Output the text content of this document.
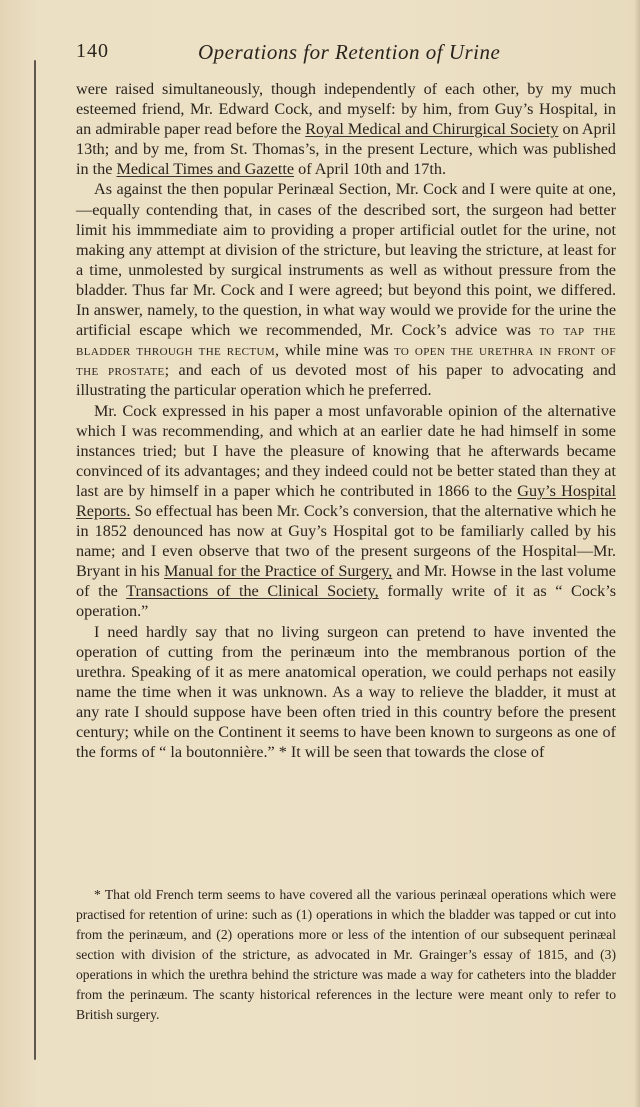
140	Operations for Retention of Urine

were raised simultaneously, though independently of each other, by my much esteemed friend, Mr. Edward Cock, and myself: by him, from Guy’s Hospital, in an admirable paper read before the Royal Medical and Chirurgical Society on April 13th; and by me, from St. Thomas’s, in the present Lecture, which was published in the Medical Times and Gazette of April 10th and 17th.

As against the then popular Perinæal Section, Mr. Cock and I were quite at one,—equally contending that, in cases of the described sort, the surgeon had better limit his immmediate aim to providing a proper artificial outlet for the urine, not making any attempt at division of the stricture, but leaving the stricture, at least for a time, unmolested by surgical instruments as well as without pressure from the bladder. Thus far Mr. Cock and I were agreed; but beyond this point, we differed. In answer, namely, to the question, in what way would we provide for the urine the artificial escape which we recommended, Mr. Cock’s advice was to tap the bladder through the rectum, while mine was to open the urethra in front of the prostate; and each of us devoted most of his paper to advocating and illustrating the particular operation which he preferred.

Mr. Cock expressed in his paper a most unfavorable opinion of the alternative which I was recommending, and which at an earlier date he had himself in some instances tried; but I have the pleasure of knowing that he afterwards became convinced of its advantages; and they indeed could not be better stated than they at last are by himself in a paper which he contributed in 1866 to the Guy’s Hospital Reports. So effectual has been Mr. Cock’s conversion, that the alternative which he in 1852 denounced has now at Guy’s Hospital got to be familiarly called by his name; and I even observe that two of the present surgeons of the Hospital—Mr. Bryant in his Manual for the Practice of Surgery, and Mr. Howse in the last volume of the Transactions of the Clinical Society, formally write of it as “ Cock’s operation.”

I need hardly say that no living surgeon can pretend to have invented the operation of cutting from the perinæum into the membranous portion of the urethra. Speaking of it as mere anatomical operation, we could perhaps not easily name the time when it was unknown. As a way to relieve the bladder, it must at any rate I should suppose have been often tried in this country before the present century; while on the Continent it seems to have been known to surgeons as one of the forms of “ la boutonnière.” * It will be seen that towards the close of

* That old French term seems to have covered all the various perinæal operations which were practised for retention of urine: such as (1) operations in which the bladder was tapped or cut into from the perinæum, and (2) operations more or less of the intention of our subsequent perinæal section with division of the stricture, as advocated in Mr. Grainger’s essay of 1815, and (3) operations in which the urethra behind the stricture was made a way for catheters into the bladder from the perinæum. The scanty historical references in the lecture were meant only to refer to British surgery.
